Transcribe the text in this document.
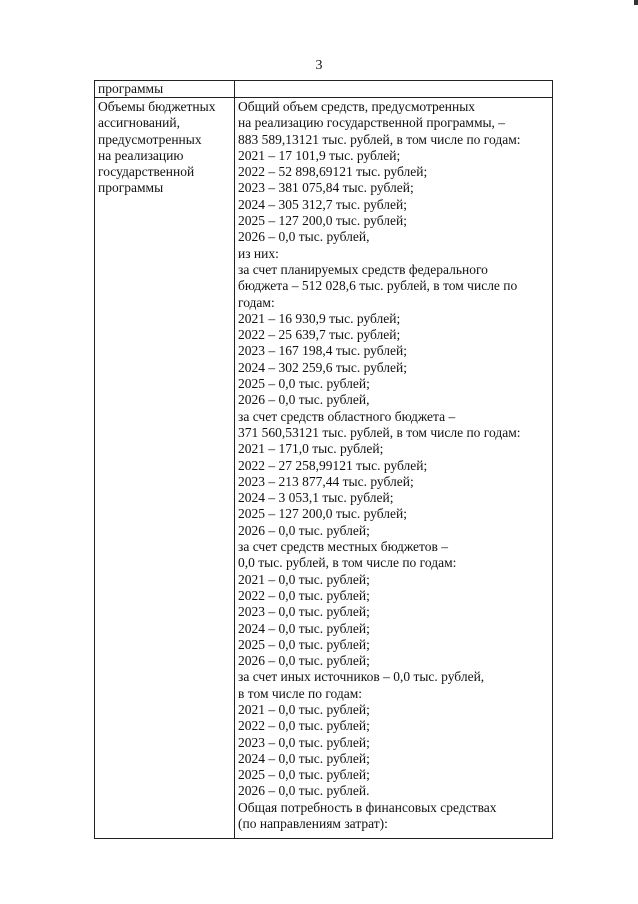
3
программы
Объемы бюджетных
ассигнований,
предусмотренных
на реализацию
государственной
программы
Общий объем средств, предусмотренных
на реализацию государственной программы, –
883 589,13121 тыс. рублей, в том числе по годам:
2021 – 17 101,9 тыс. рублей;
2022 – 52 898,69121 тыс. рублей;
2023 – 381 075,84 тыс. рублей;
2024 – 305 312,7 тыс. рублей;
2025 – 127 200,0 тыс. рублей;
2026 – 0,0 тыс. рублей,
из них:
за счет планируемых средств федерального
бюджета – 512 028,6 тыс. рублей, в том числе по
годам:
2021 – 16 930,9 тыс. рублей;
2022 – 25 639,7 тыс. рублей;
2023 – 167 198,4 тыс. рублей;
2024 – 302 259,6 тыс. рублей;
2025 – 0,0 тыс. рублей;
2026 – 0,0 тыс. рублей,
за счет средств областного бюджета –
371 560,53121 тыс. рублей, в том числе по годам:
2021 – 171,0 тыс. рублей;
2022 – 27 258,99121 тыс. рублей;
2023 – 213 877,44 тыс. рублей;
2024 – 3 053,1 тыс. рублей;
2025 – 127 200,0 тыс. рублей;
2026 – 0,0 тыс. рублей;
за счет средств местных бюджетов –
0,0 тыс. рублей, в том числе по годам:
2021 – 0,0 тыс. рублей;
2022 – 0,0 тыс. рублей;
2023 – 0,0 тыс. рублей;
2024 – 0,0 тыс. рублей;
2025 – 0,0 тыс. рублей;
2026 – 0,0 тыс. рублей;
за счет иных источников – 0,0 тыс. рублей,
в том числе по годам:
2021 – 0,0 тыс. рублей;
2022 – 0,0 тыс. рублей;
2023 – 0,0 тыс. рублей;
2024 – 0,0 тыс. рублей;
2025 – 0,0 тыс. рублей;
2026 – 0,0 тыс. рублей.
Общая потребность в финансовых средствах
(по направлениям затрат):
